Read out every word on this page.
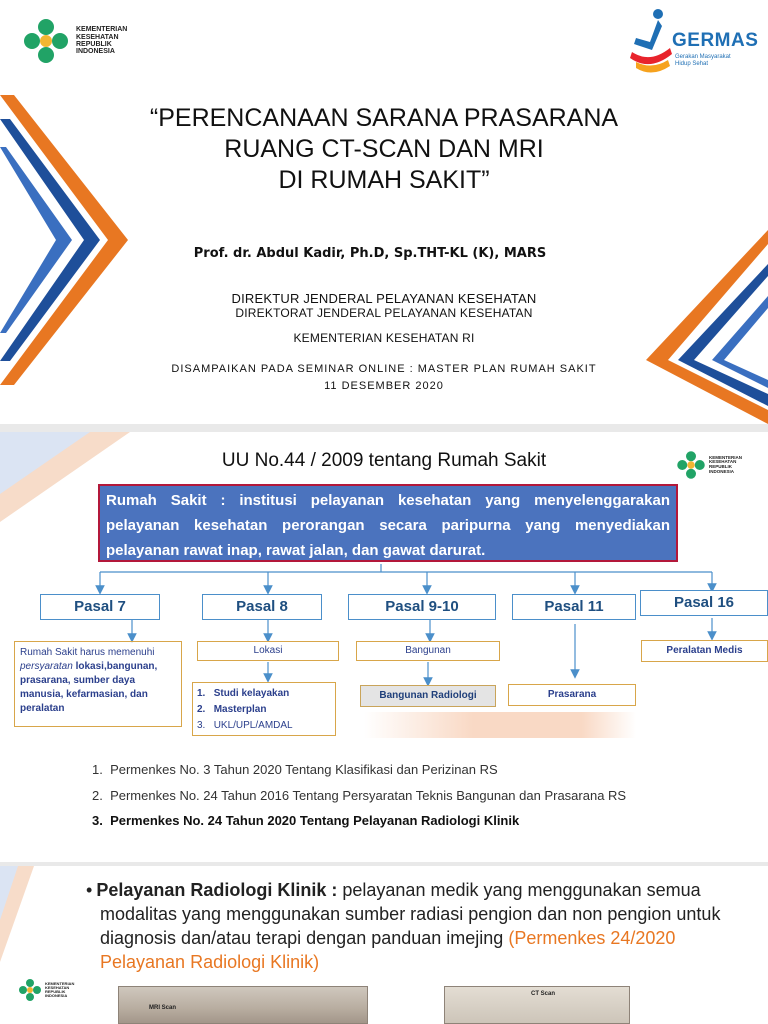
KEMENTERIAN
KESEHATAN
REPUBLIK
INDONESIA
GERMAS
Gerakan Masyarakat
Hidup Sehat
“PERENCANAAN SARANA PRASARANA
RUANG CT-SCAN DAN MRI
DI RUMAH SAKIT”
Prof. dr. Abdul Kadir, Ph.D, Sp.THT-KL (K), MARS
DIREKTUR JENDERAL PELAYANAN KESEHATAN
DIREKTORAT JENDERAL PELAYANAN KESEHATAN
KEMENTERIAN KESEHATAN RI
DISAMPAIKAN PADA SEMINAR ONLINE : MASTER PLAN RUMAH SAKIT
11 DESEMBER 2020
UU No.44 / 2009 tentang Rumah Sakit	KEMENTERIAN
KESEHATAN
REPUBLIK
INDONESIA
Rumah Sakit : institusi pelayanan kesehatan yang menyelenggarakan pelayanan kesehatan perorangan secara paripurna yang menyediakan pelayanan rawat inap, rawat jalan, dan gawat darurat.
Pasal 7	Pasal 8	Pasal 9-10	Pasal 11	Pasal 16
Rumah Sakit harus memenuhi
persyaratan lokasi,bangunan, prasarana, sumber daya manusia, kefarmasian, dan peralatan
Lokasi
1. Studi kelayakan
2. Masterplan
3. UKL/UPL/AMDAL
Bangunan
Bangunan Radiologi	Prasarana
Peralatan Medis
1. Permenkes No. 3 Tahun 2020 Tentang Klasifikasi dan Perizinan RS
2. Permenkes No. 24 Tahun 2016 Tentang Persyaratan Teknis Bangunan dan Prasarana RS
3. Permenkes No. 24 Tahun 2020 Tentang Pelayanan Radiologi Klinik
• Pelayanan Radiologi Klinik : pelayanan medik yang menggunakan semua modalitas yang menggunakan sumber radiasi pengion dan non pengion untuk diagnosis dan/atau terapi dengan panduan imejing (Permenkes 24/2020 Pelayanan Radiologi Klinik)
KEMENTERIAN
KESEHATAN
REPUBLIK
INDONESIA
MRI Scan
CT Scan
